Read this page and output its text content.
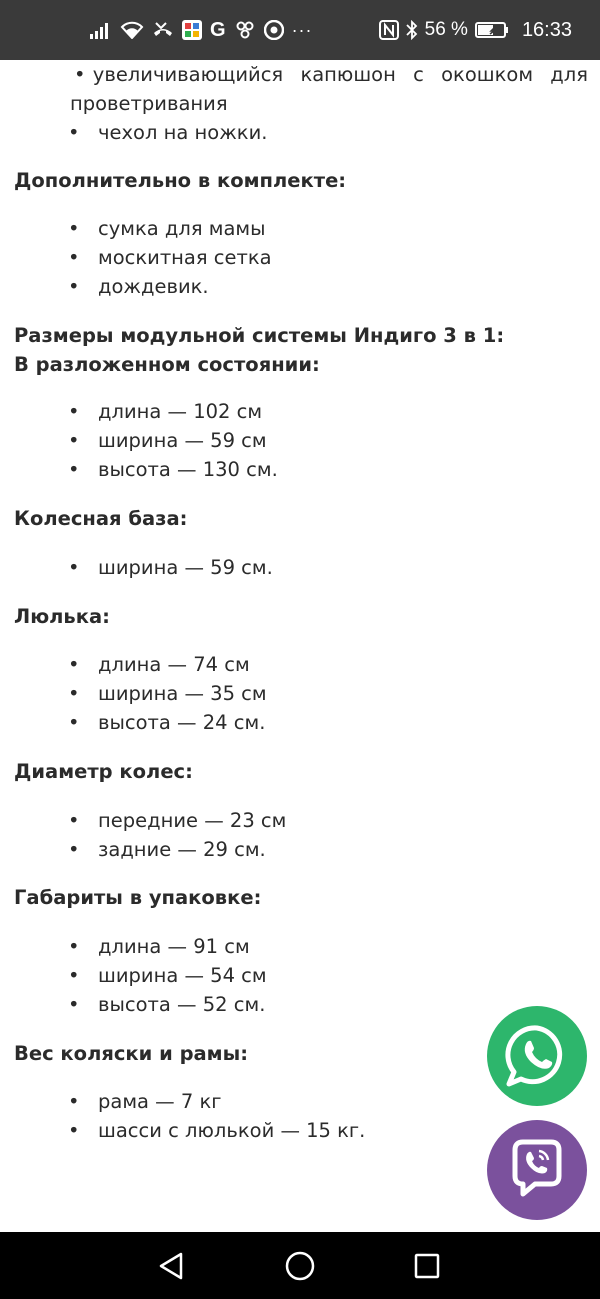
G	···	56 %	16:33
• увеличивающийся капюшон с окошком для
проветривания
• чехол на ножки.
Дополнительно в комплекте:
• сумка для мамы
• москитная сетка
• дождевик.
Размеры модульной системы Индиго 3 в 1:
В разложенном состоянии:
• длина — 102 см
• ширина — 59 см
• высота — 130 см.
Колесная база:
• ширина — 59 см.
Люлька:
• длина — 74 см
• ширина — 35 см
• высота — 24 см.
Диаметр колес:
• передние — 23 см
• задние — 29 см.
Габариты в упаковке:
• длина — 91 см
• ширина — 54 см
• высота — 52 см.
Вес коляски и рамы:
• рама — 7 кг
• шасси с люлькой — 15 кг.
